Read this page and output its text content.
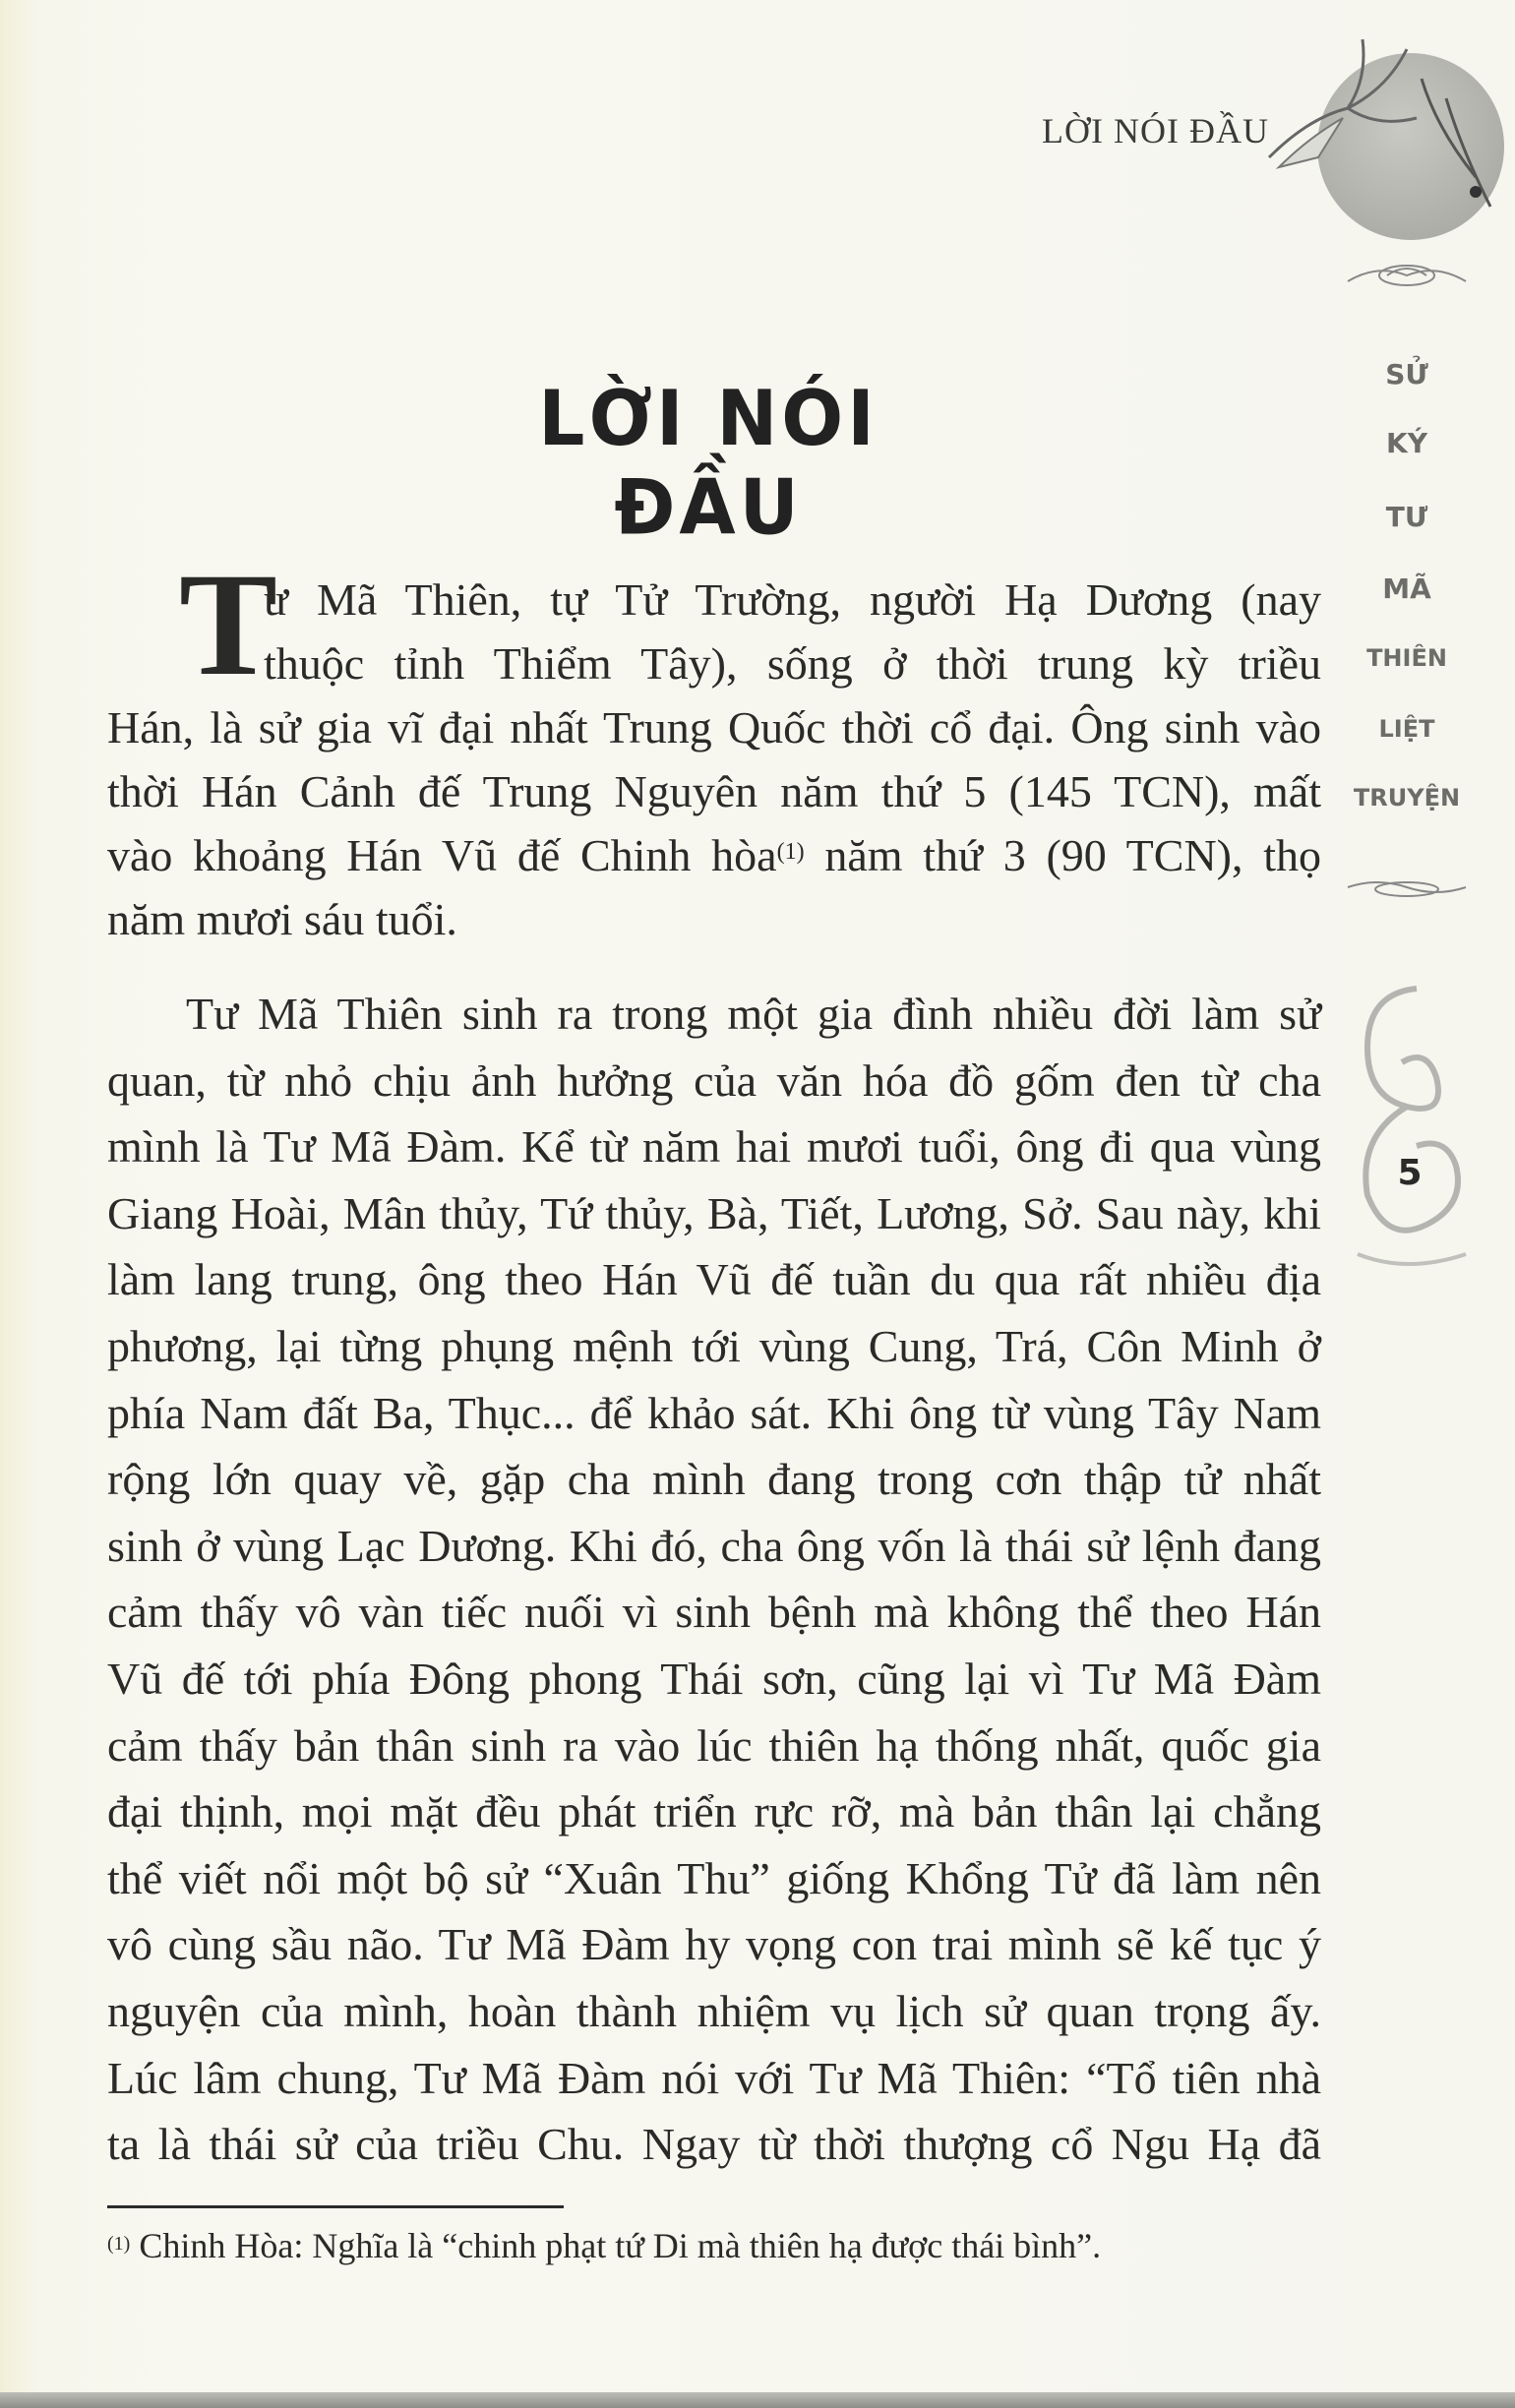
LỜI NÓI ĐẦU
LỜI NÓI ĐẦU
T
ư Mã Thiên, tự Tử Trường, người Hạ Dương (nay
thuộc tỉnh Thiểm Tây), sống ở thời trung kỳ triều
Hán, là sử gia vĩ đại nhất Trung Quốc thời cổ đại. Ông sinh vào
thời Hán Cảnh đế Trung Nguyên năm thứ 5 (145 TCN), mất
vào khoảng Hán Vũ đế Chinh hòa$^{(1)}$ năm thứ 3 (90 TCN), thọ
năm mươi sáu tuổi.
Tư Mã Thiên sinh ra trong một gia đình nhiều đời làm sử
quan, từ nhỏ chịu ảnh hưởng của văn hóa đồ gốm đen từ cha
mình là Tư Mã Đàm. Kể từ năm hai mươi tuổi, ông đi qua vùng
Giang Hoài, Mân thủy, Tứ thủy, Bà, Tiết, Lương, Sở. Sau này, khi
làm lang trung, ông theo Hán Vũ đế tuần du qua rất nhiều địa
phương, lại từng phụng mệnh tới vùng Cung, Trá, Côn Minh ở
phía Nam đất Ba, Thục... để khảo sát. Khi ông từ vùng Tây Nam
rộng lớn quay về, gặp cha mình đang trong cơn thập tử nhất
sinh ở vùng Lạc Dương. Khi đó, cha ông vốn là thái sử lệnh đang
cảm thấy vô vàn tiếc nuối vì sinh bệnh mà không thể theo Hán
Vũ đế tới phía Đông phong Thái sơn, cũng lại vì Tư Mã Đàm
cảm thấy bản thân sinh ra vào lúc thiên hạ thống nhất, quốc gia
đại thịnh, mọi mặt đều phát triển rực rỡ, mà bản thân lại chẳng
thể viết nổi một bộ sử “Xuân Thu” giống Khổng Tử đã làm nên
vô cùng sầu não. Tư Mã Đàm hy vọng con trai mình sẽ kế tục ý
nguyện của mình, hoàn thành nhiệm vụ lịch sử quan trọng ấy.
Lúc lâm chung, Tư Mã Đàm nói với Tư Mã Thiên: “Tổ tiên nhà
ta là thái sử của triều Chu. Ngay từ thời thượng cổ Ngu Hạ đã
$^{(1)}$ Chinh Hòa: Nghĩa là “chinh phạt tứ Di mà thiên hạ được thái bình”.
SỬ
KÝ
TƯ
MÃ
THIÊN
LIỆT
TRUYỆN
5
